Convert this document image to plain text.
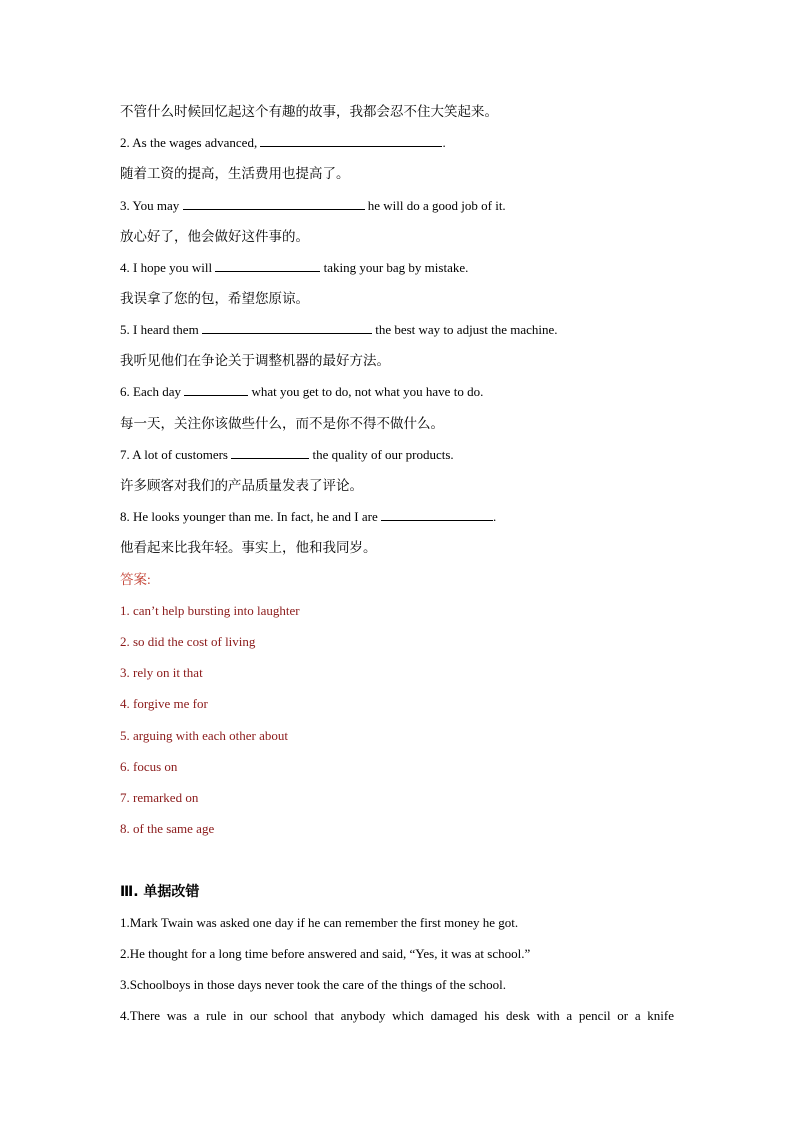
不管什么时候回忆起这个有趣的故事，我都会忍不住大笑起来。

2. As the wages advanced,	.

随着工资的提高，生活费用也提高了。

3. You may	he will do a good job of it.

放心好了，他会做好这件事的。

4. I hope you will	taking your bag by mistake.

我误拿了您的包，希望您原谅。

5. I heard them	the best way to adjust the machine.

我听见他们在争论关于调整机器的最好方法。

6. Each day	what you get to do, not what you have to do.

每一天，关注你该做些什么，而不是你不得不做什么。

7. A lot of customers	the quality of our products.

许多顾客对我们的产品质量发表了评论。

8. He looks younger than me. In fact, he and I are	.

他看起来比我年轻。事实上，他和我同岁。

答案:

1. can’t help bursting into laughter

2. so did the cost of living

3. rely on it that

4. forgive me for

5. arguing with each other about

6. focus on

7. remarked on

8. of the same age

Ⅲ. 单据改错

1.Mark Twain was asked one day if he can remember the first money he got.

2.He thought for a long time before answered and said, “Yes, it was at school.”

3.Schoolboys in those days never took the care of the things of the school.

4.There was a rule in our school that anybody which damaged his desk with a pencil or a knife
